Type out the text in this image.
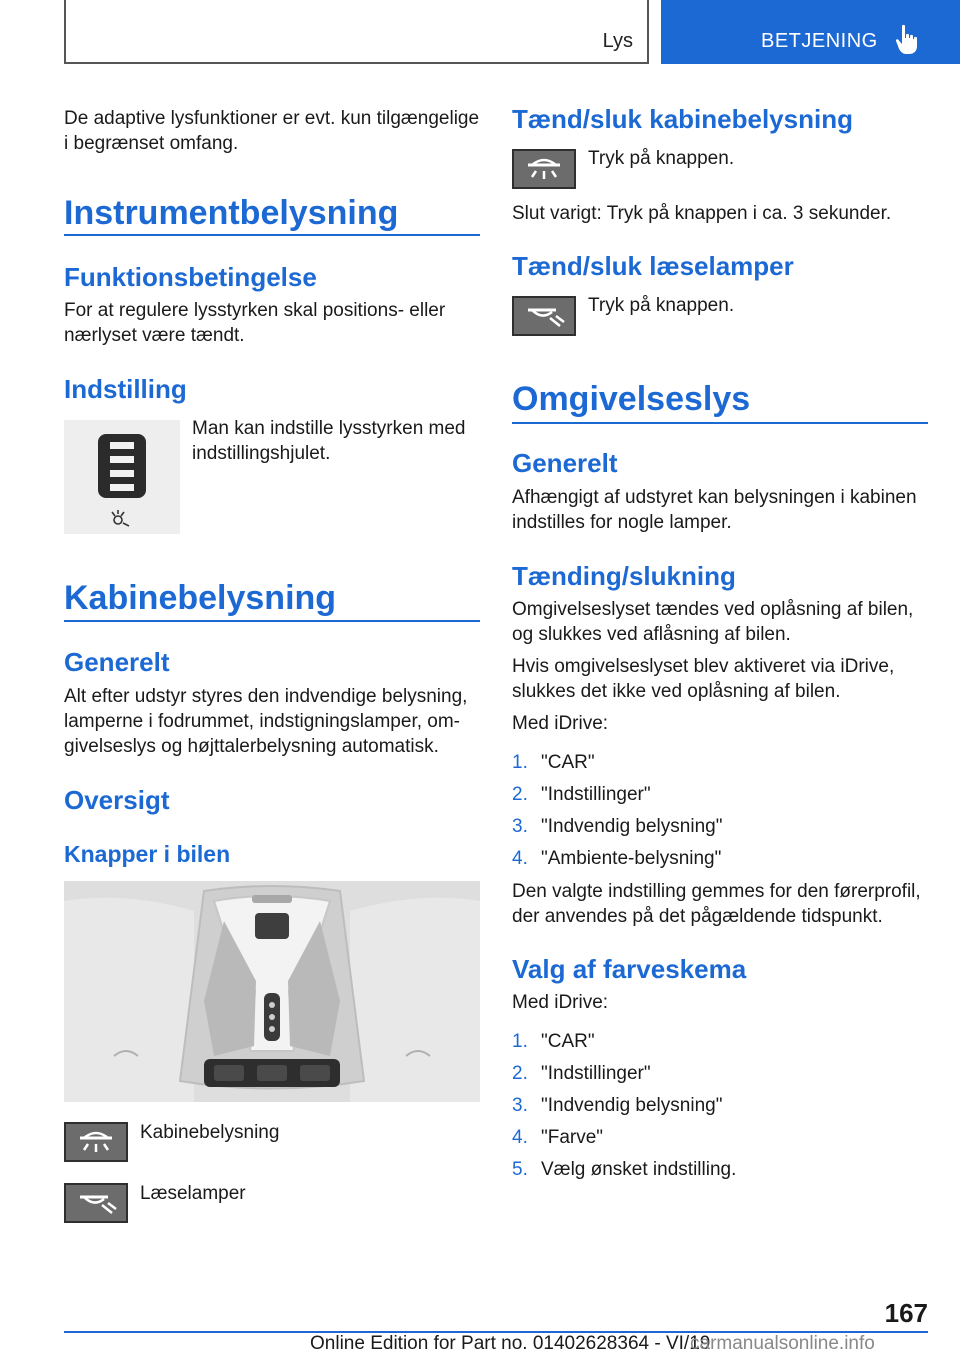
Lys	BETJENING
De adaptive lysfunktioner er evt. kun tilgængelige i begrænset omfang.
Instrumentbelysning
Funktionsbetingelse
For at regulere lysstyrken skal positions- eller nærlyset være tændt.
Indstilling
Man kan indstille lysstyrken med indstillingshjulet.
Kabinebelysning
Generelt
Alt efter udstyr styres den indvendige belysning, lamperne i fodrummet, indstigningslamper, om-givelseslys og højttalerbelysning automatisk.
Oversigt
Knapper i bilen
Kabinebelysning
Læselamper
Tænd/sluk kabinebelysning
Tryk på knappen.
Slut varigt: Tryk på knappen i ca. 3 sekunder.
Tænd/sluk læselamper
Tryk på knappen.
Omgivelseslys
Generelt
Afhængigt af udstyret kan belysningen i kabinen indstilles for nogle lamper.
Tænding/slukning
Omgivelseslyset tændes ved oplåsning af bilen, og slukkes ved aflåsning af bilen.
Hvis omgivelseslyset blev aktiveret via iDrive, slukkes det ikke ved oplåsning af bilen.
Med iDrive:
1. "CAR"
2. "Indstillinger"
3. "Indvendig belysning"
4. "Ambiente-belysning"
Den valgte indstilling gemmes for den førerprofil, der anvendes på det pågældende tidspunkt.
Valg af farveskema
Med iDrive:
1. "CAR"
2. "Indstillinger"
3. "Indvendig belysning"
4. "Farve"
5. Vælg ønsket indstilling.
167
Online Edition for Part no. 01402628364 - VI/19
carmanualsonline.info
